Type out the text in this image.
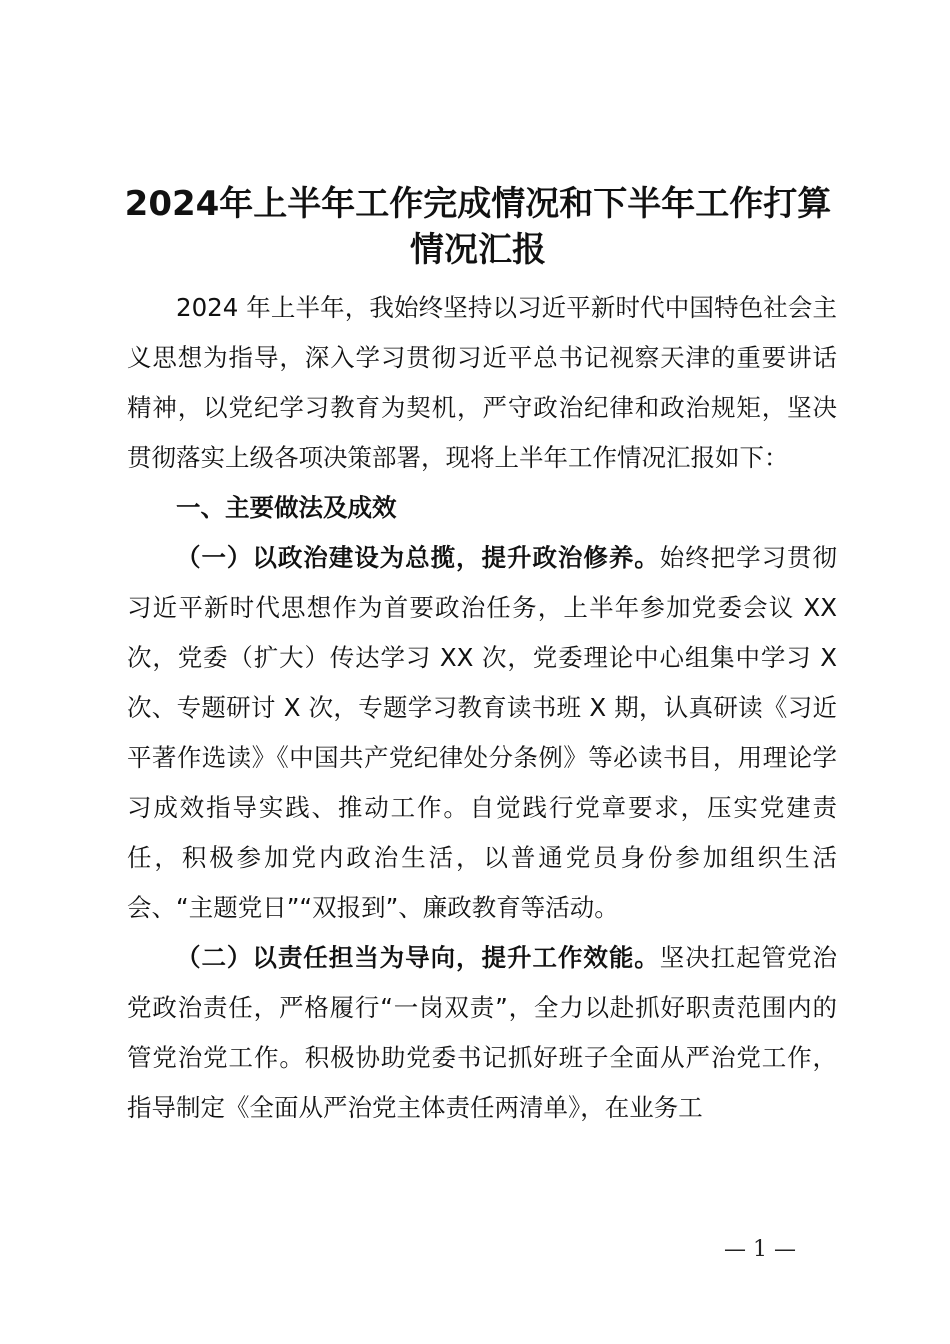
2024年上半年工作完成情况和下半年工作打算情况汇报

2024 年上半年，我始终坚持以习近平新时代中国特色社会主义思想为指导，深入学习贯彻习近平总书记视察天津的重要讲话精神，以党纪学习教育为契机，严守政治纪律和政治规矩，坚决贯彻落实上级各项决策部署，现将上半年工作情况汇报如下：

一、主要做法及成效

（一）以政治建设为总揽，提升政治修养。始终把学习贯彻习近平新时代思想作为首要政治任务，上半年参加党委会议 XX 次，党委（扩大）传达学习 XX 次，党委理论中心组集中学习 X 次、专题研讨 X 次，专题学习教育读书班 X 期，认真研读《习近平著作选读》《中国共产党纪律处分条例》等必读书目，用理论学习成效指导实践、推动工作。自觉践行党章要求，压实党建责任，积极参加党内政治生活，以普通党员身份参加组织生活会、“主题党日”“双报到”、廉政教育等活动。

（二）以责任担当为导向，提升工作效能。坚决扛起管党治党政治责任，严格履行“一岗双责”，全力以赴抓好职责范围内的管党治党工作。积极协助党委书记抓好班子全面从严治党工作，指导制定《全面从严治党主体责任两清单》，在业务工

— 1 —
